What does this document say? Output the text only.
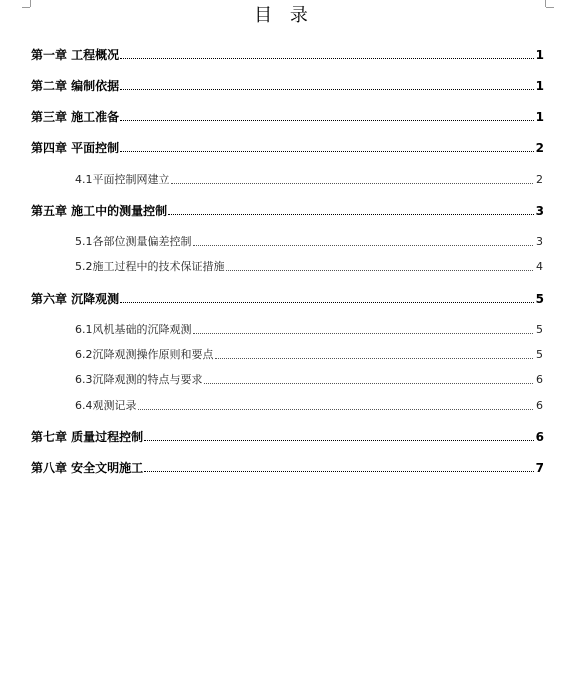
目 录
第一章 工程概况	1
第二章 编制依据	1
第三章 施工准备	1
第四章 平面控制	2
4.1平面控制网建立	2
第五章 施工中的测量控制	3
5.1各部位测量偏差控制	3
5.2施工过程中的技术保证措施	4
第六章 沉降观测	5
6.1风机基础的沉降观测	5
6.2沉降观测操作原则和要点	5
6.3沉降观测的特点与要求	6
6.4观测记录	6
第七章 质量过程控制	6
第八章 安全文明施工	7
